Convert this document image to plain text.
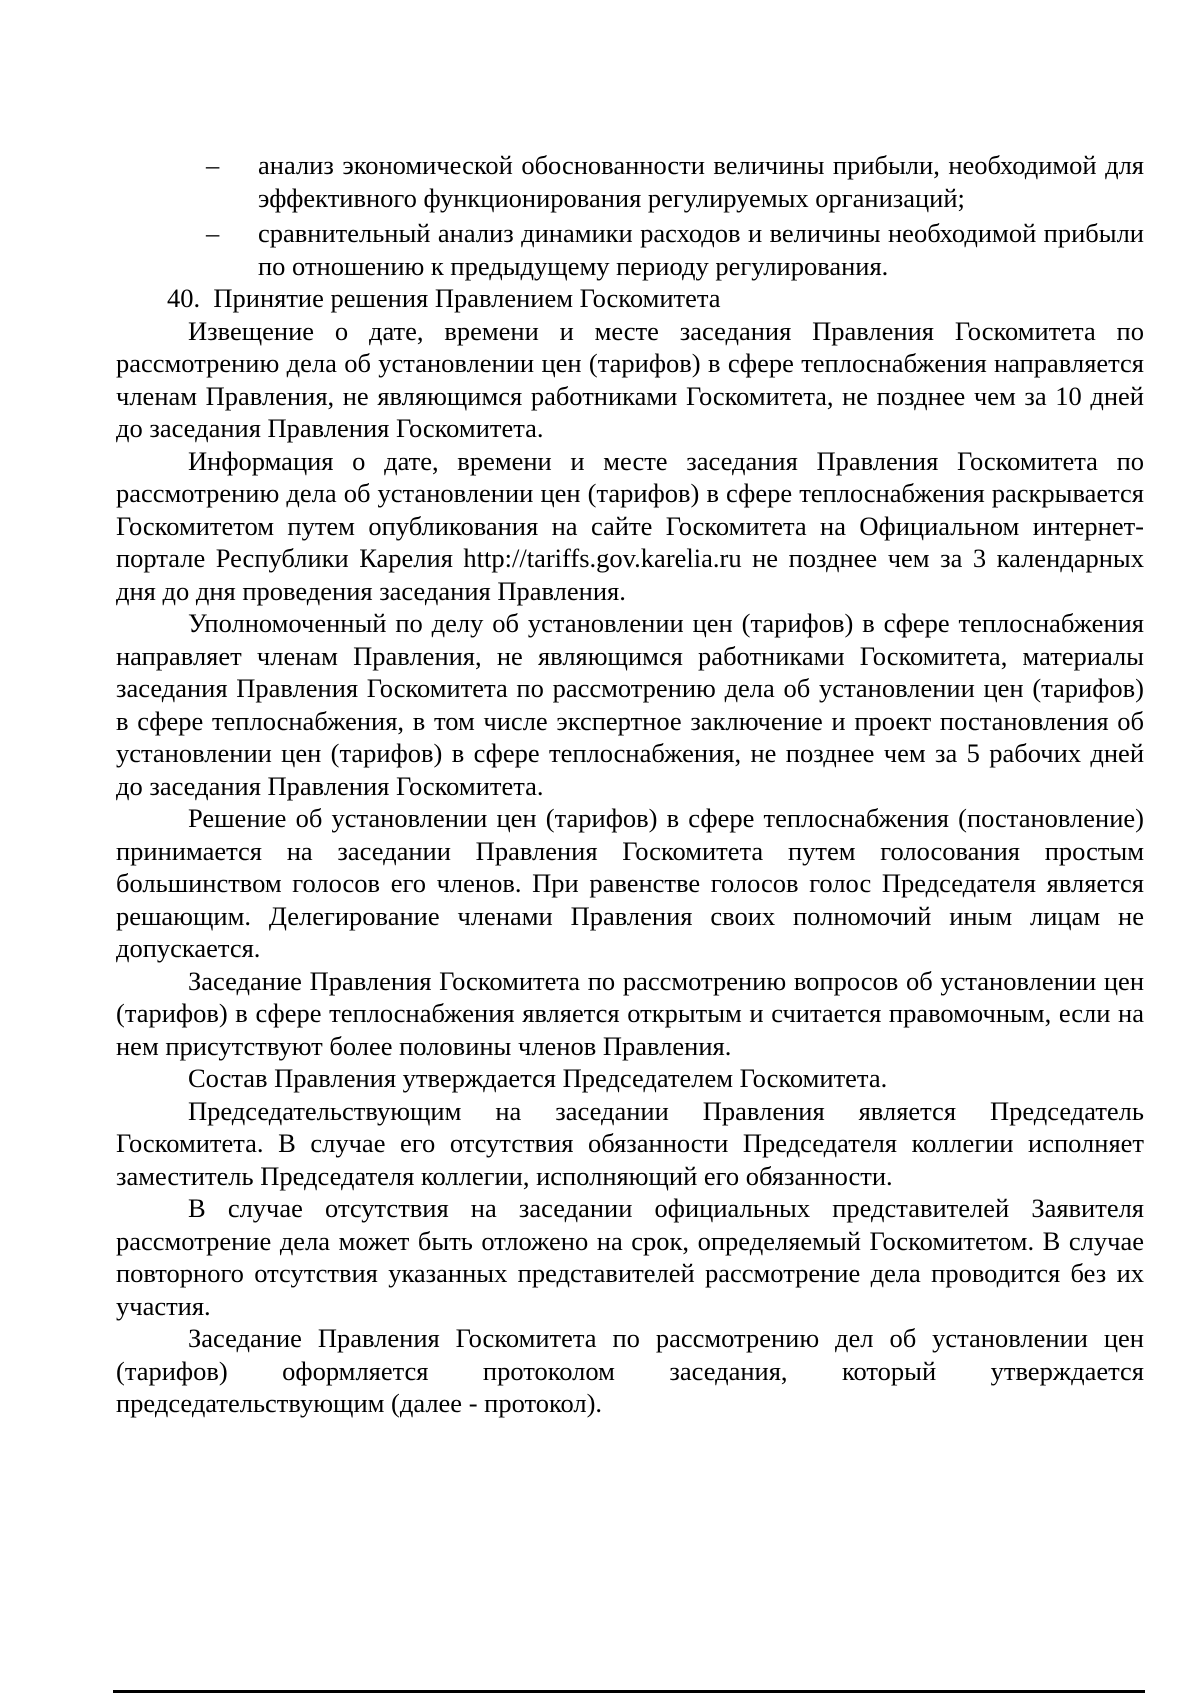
– анализ экономической обоснованности величины прибыли, необходимой для эффективного функционирования регулируемых организаций;
– сравнительный анализ динамики расходов и величины необходимой прибыли по отношению к предыдущему периоду регулирования.

40. Принятие решения Правлением Госкомитета

Извещение о дате, времени и месте заседания Правления Госкомитета по рассмотрению дела об установлении цен (тарифов) в сфере теплоснабжения направляется членам Правления, не являющимся работниками Госкомитета, не позднее чем за 10 дней до заседания Правления Госкомитета.

Информация о дате, времени и месте заседания Правления Госкомитета по рассмотрению дела об установлении цен (тарифов) в сфере теплоснабжения раскрывается Госкомитетом путем опубликования на сайте Госкомитета на Официальном интернет-портале Республики Карелия http://tariffs.gov.karelia.ru не позднее чем за 3 календарных дня до дня проведения заседания Правления.

Уполномоченный по делу об установлении цен (тарифов) в сфере теплоснабжения направляет членам Правления, не являющимся работниками Госкомитета, материалы заседания Правления Госкомитета по рассмотрению дела об установлении цен (тарифов) в сфере теплоснабжения, в том числе экспертное заключение и проект постановления об установлении цен (тарифов) в сфере теплоснабжения, не позднее чем за 5 рабочих дней до заседания Правления Госкомитета.

Решение об установлении цен (тарифов) в сфере теплоснабжения (постановление) принимается на заседании Правления Госкомитета путем голосования простым большинством голосов его членов. При равенстве голосов голос Председателя является решающим. Делегирование членами Правления своих полномочий иным лицам не допускается.

Заседание Правления Госкомитета по рассмотрению вопросов об установлении цен (тарифов) в сфере теплоснабжения является открытым и считается правомочным, если на нем присутствуют более половины членов Правления.

Состав Правления утверждается Председателем Госкомитета.

Председательствующим на заседании Правления является Председатель Госкомитета. В случае его отсутствия обязанности Председателя коллегии исполняет заместитель Председателя коллегии, исполняющий его обязанности.

В случае отсутствия на заседании официальных представителей Заявителя рассмотрение дела может быть отложено на срок, определяемый Госкомитетом. В случае повторного отсутствия указанных представителей рассмотрение дела проводится без их участия.

Заседание Правления Госкомитета по рассмотрению дел об установлении цен (тарифов) оформляется протоколом заседания, который утверждается председательствующим (далее - протокол).
